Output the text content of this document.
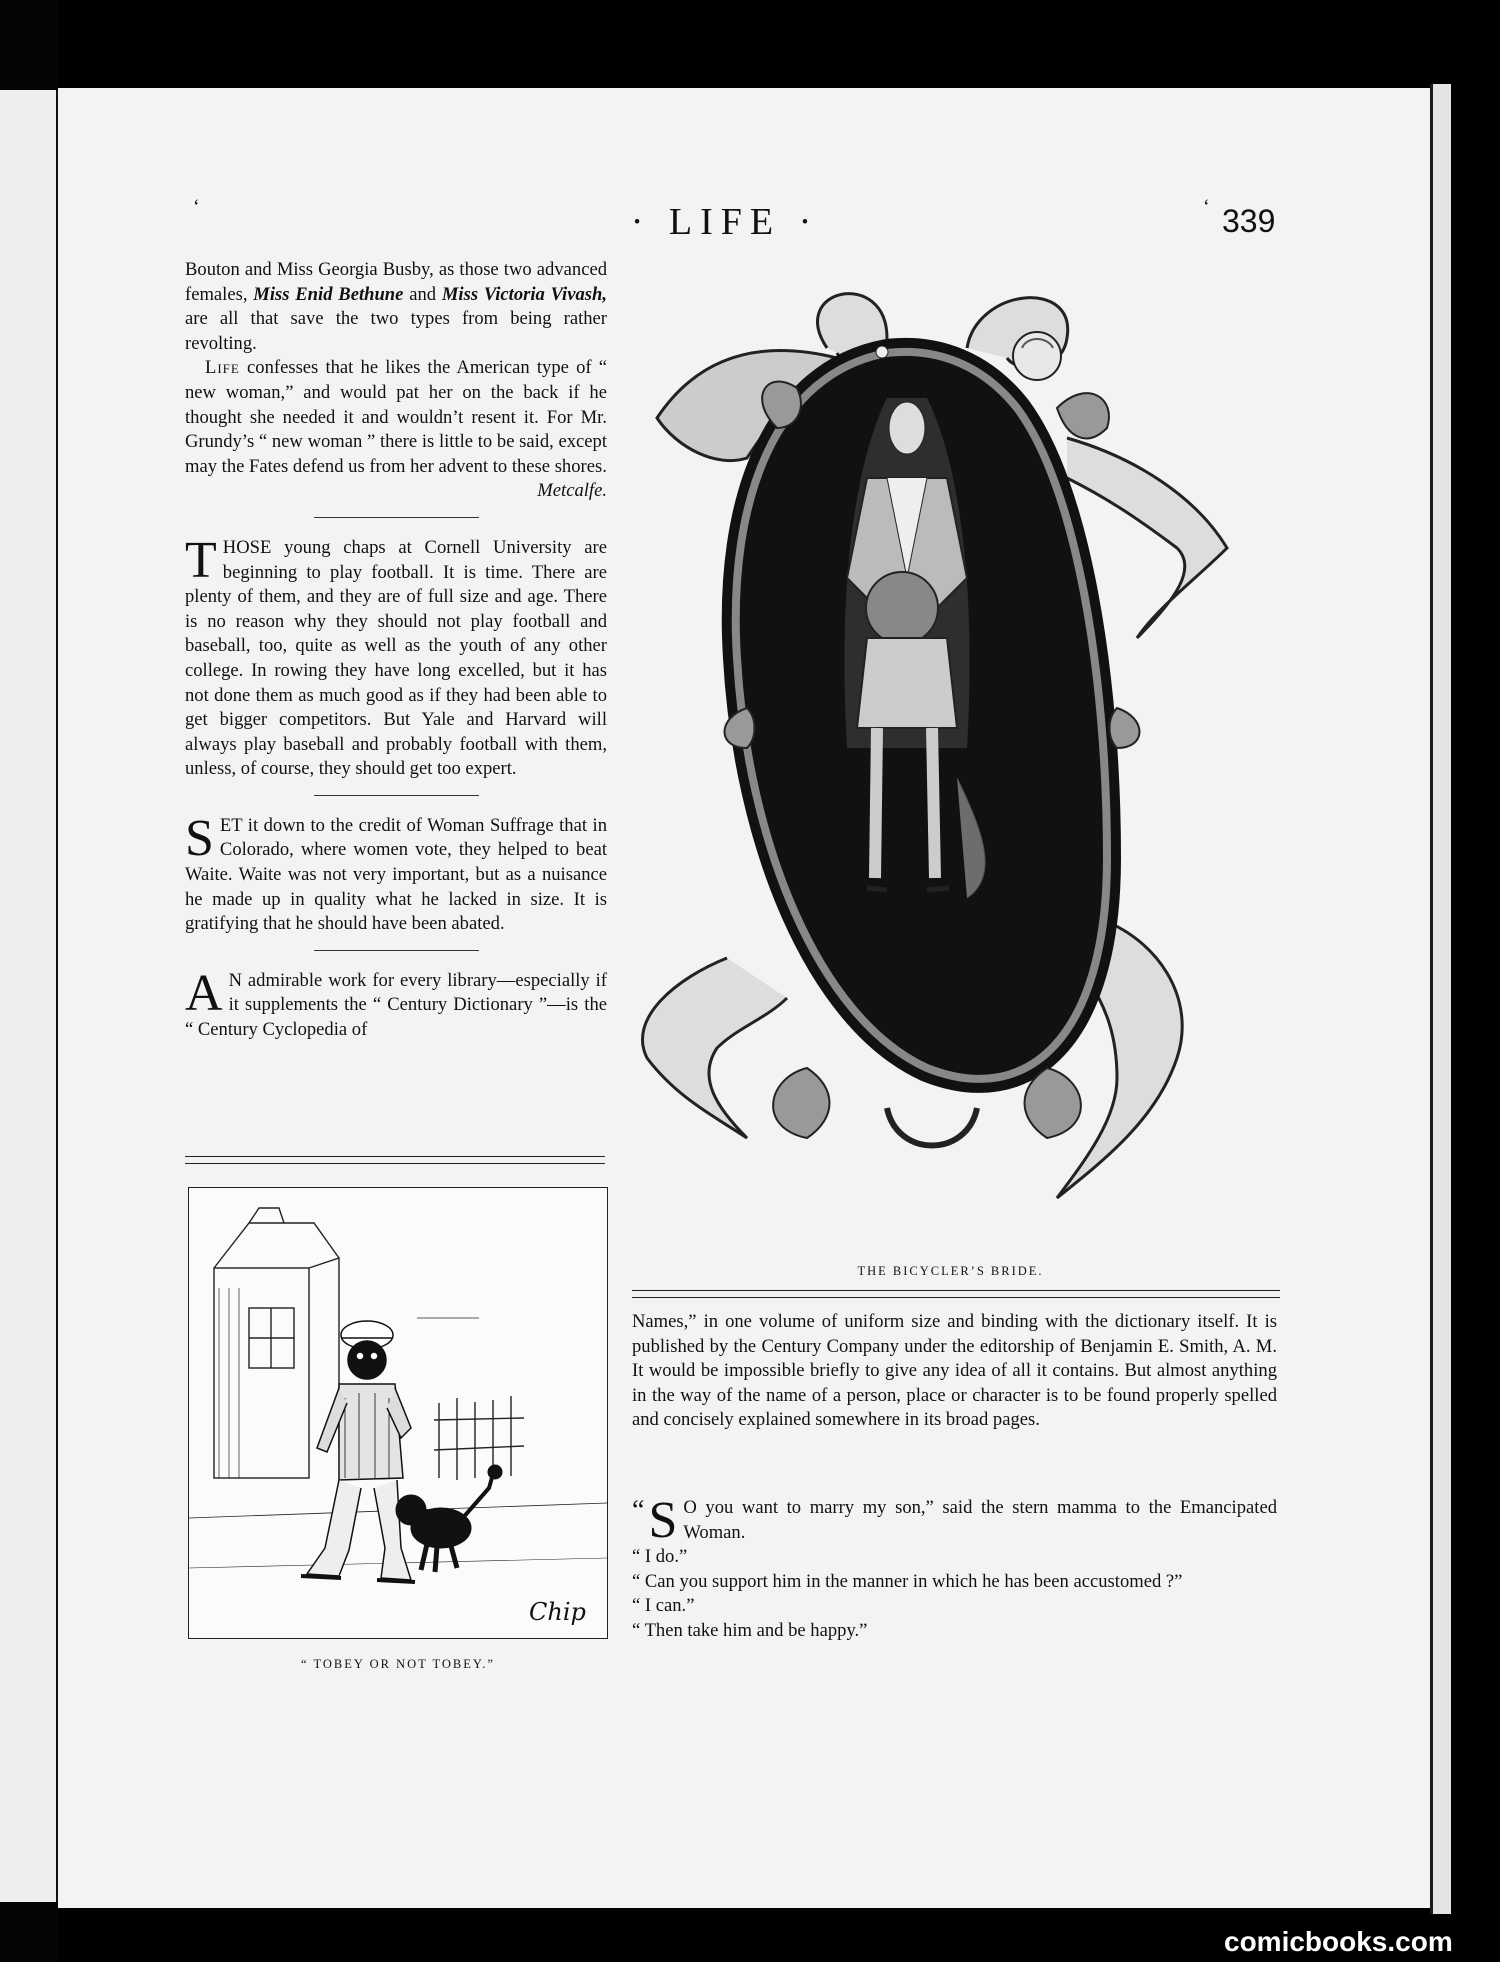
‘	‘
· LIFE ·	339

Bouton and Miss Georgia Busby, as those two advanced females, Miss Enid Bethune and Miss Victoria Vivash, are all that save the two types from being rather revolting.

Life confesses that he likes the American type of “ new woman,” and would pat her on the back if he thought she needed it and wouldn’t resent it. For Mr. Grundy’s “ new woman ” there is little to be said, except may the Fates defend us from her advent to these shores.

Metcalfe.

THOSE young chaps at Cornell University are beginning to play football. It is time. There are plenty of them, and they are of full size and age. There is no reason why they should not play football and baseball, too, quite as well as the youth of any other college. In rowing they have long excelled, but it has not done them as much good as if they had been able to get bigger competitors. But Yale and Harvard will always play baseball and probably football with them, unless, of course, they should get too expert.

SET it down to the credit of Woman Suffrage that in Colorado, where women vote, they helped to beat Waite. Waite was not very important, but as a nuisance he made up in quality what he lacked in size. It is gratifying that he should have been abated.

A N admirable work for every library—especially if it supplements the “ Century Dictionary ”—is the “ Century Cyclopedia of

Chip
“ TOBEY OR NOT TOBEY.”
THE BICYCLER’S BRIDE.

Names,” in one volume of uniform size and binding with the dictionary itself. It is published by the Century Company under the editorship of Benjamin E. Smith, A. M. It would be impossible briefly to give any idea of all it contains. But almost anything in the way of the name of a person, place or character is to be found properly spelled and concisely explained somewhere in its broad pages.

“ S O you want to marry my son,” said the stern mamma to the Emancipated Woman.

“ I do.”

“ Can you support him in the manner in which he has been accustomed ?”

“ I can.”

“ Then take him and be happy.”

comicbooks.com
